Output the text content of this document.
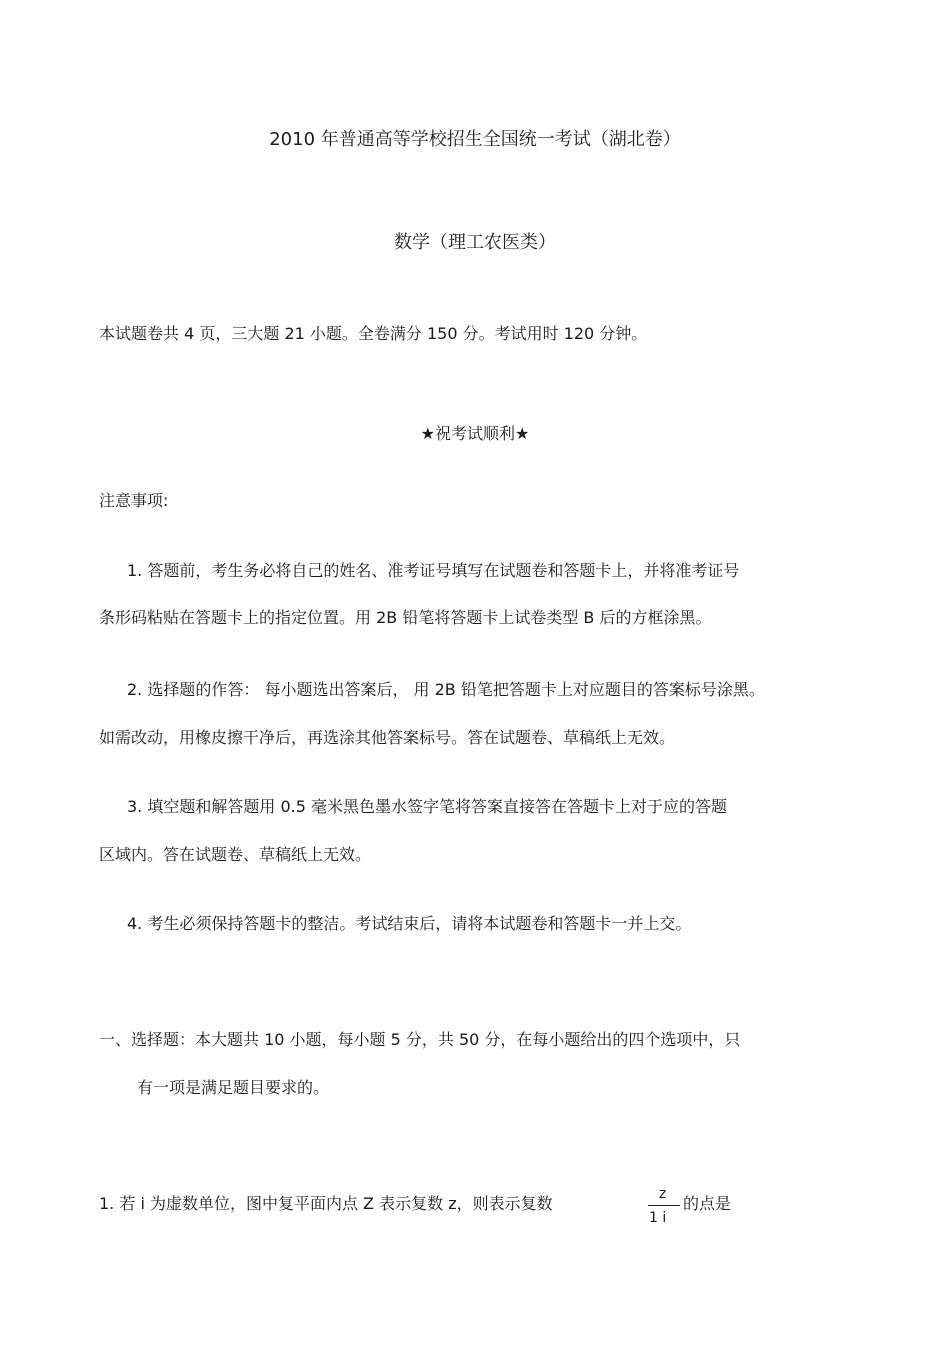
2010 年普通高等学校招生全国统一考试（湖北卷）
数学（理工农医类）
本试题卷共 4 页，三大题 21 小题。全卷满分 150 分。考试用时 120 分钟。
★祝考试顺利★
注意事项:
1. 答题前，考生务必将自己的姓名、准考证号填写在试题卷和答题卡上，并将准考证号
条形码粘贴在答题卡上的指定位置。用 2B 铅笔将答题卡上试卷类型 B 后的方框涂黑。
2. 选择题的作答： 每小题选出答案后， 用 2B 铅笔把答题卡上对应题目的答案标号涂黑。
如需改动，用橡皮擦干净后，再选涂其他答案标号。答在试题卷、草稿纸上无效。
3. 填空题和解答题用 0.5 毫米黑色墨水签字笔将答案直接答在答题卡上对于应的答题
区域内。答在试题卷、草稿纸上无效。
4. 考生必须保持答题卡的整洁。考试结束后，请将本试题卷和答题卡一并上交。
一、选择题：本大题共 10 小题，每小题 5 分，共 50 分，在每小题给出的四个选项中，只
有一项是满足题目要求的。
1. 若 i 为虚数单位，图中复平面内点 Z 表示复数 z，则表示复数	z
1 i
的点是
